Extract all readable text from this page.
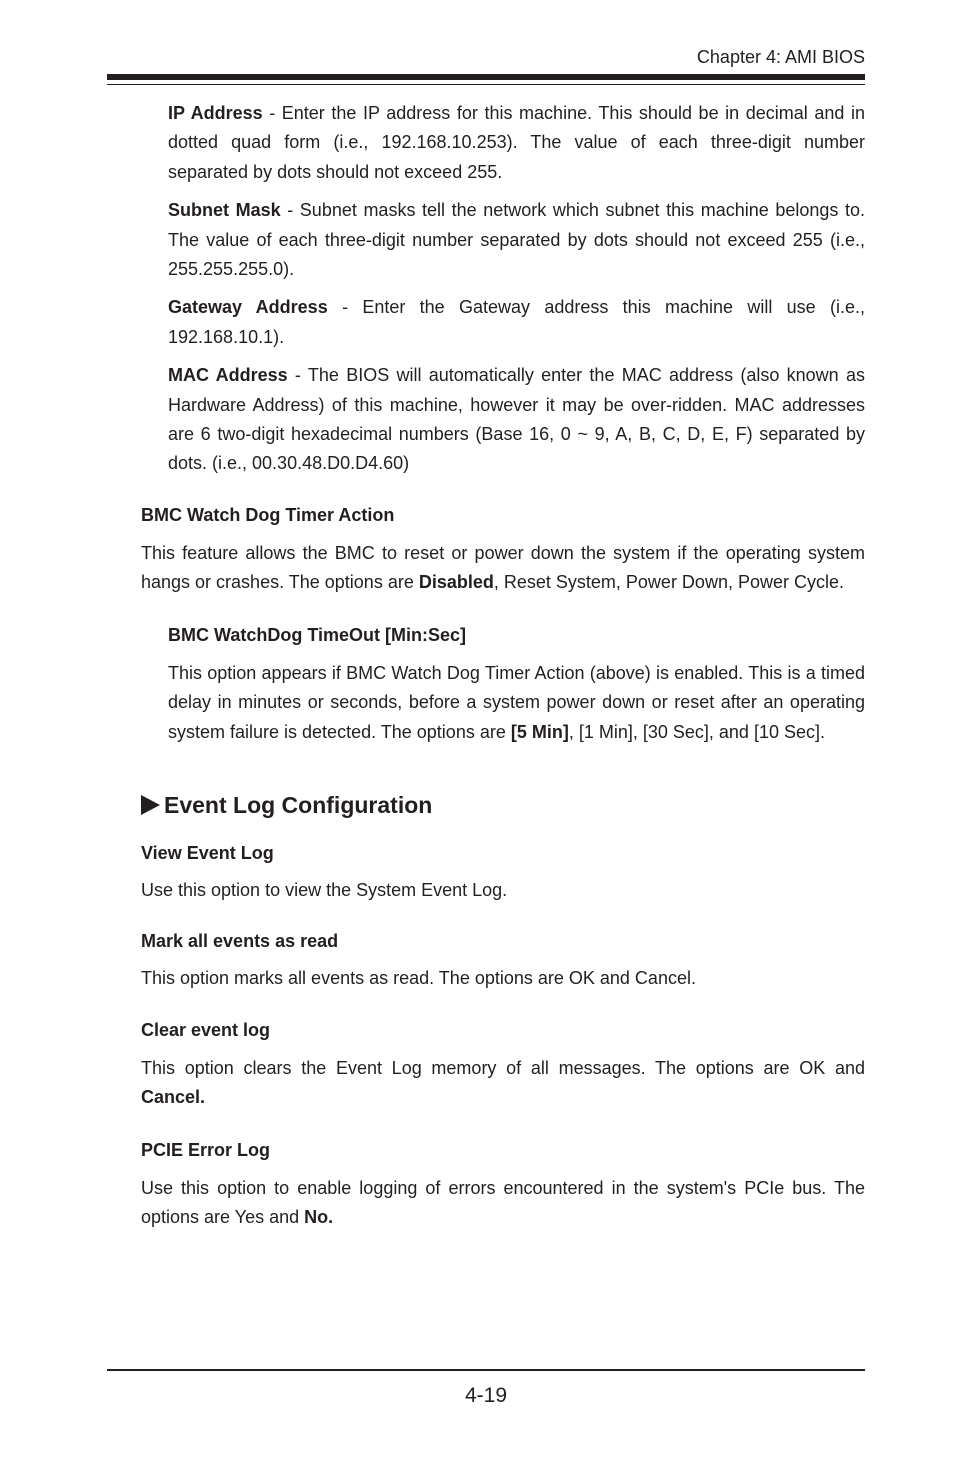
Chapter 4: AMI BIOS

IP Address - Enter the IP address for this machine. This should be in decimal and in dotted quad form (i.e., 192.168.10.253). The value of each three-digit number separated by dots should not exceed 255.

Subnet Mask - Subnet masks tell the network which subnet this machine belongs to. The value of each three-digit number separated by dots should not exceed 255 (i.e., 255.255.255.0).

Gateway Address - Enter the Gateway address this machine will use (i.e., 192.168.10.1).

MAC Address - The BIOS will automatically enter the MAC address (also known as Hardware Address) of this machine, however it may be over-ridden. MAC addresses are 6 two-digit hexadecimal numbers (Base 16, 0 ~ 9, A, B, C, D, E, F) separated by dots. (i.e., 00.30.48.D0.D4.60)

BMC Watch Dog Timer Action

This feature allows the BMC to reset or power down the system if the operating system hangs or crashes. The options are Disabled, Reset System, Power Down, Power Cycle.

BMC WatchDog TimeOut [Min:Sec]

This option appears if BMC Watch Dog Timer Action (above) is enabled. This is a timed delay in minutes or seconds, before a system power down or reset after an operating system failure is detected. The options are [5 Min], [1 Min], [30 Sec], and [10 Sec].

Event Log Configuration
View Event Log

Use this option to view the System Event Log.

Mark all events as read

This option marks all events as read. The options are OK and Cancel.

Clear event log

This option clears the Event Log memory of all messages. The options are OK and Cancel.

PCIE Error Log

Use this option to enable logging of errors encountered in the system's PCIe bus. The options are Yes and No.

4-19
